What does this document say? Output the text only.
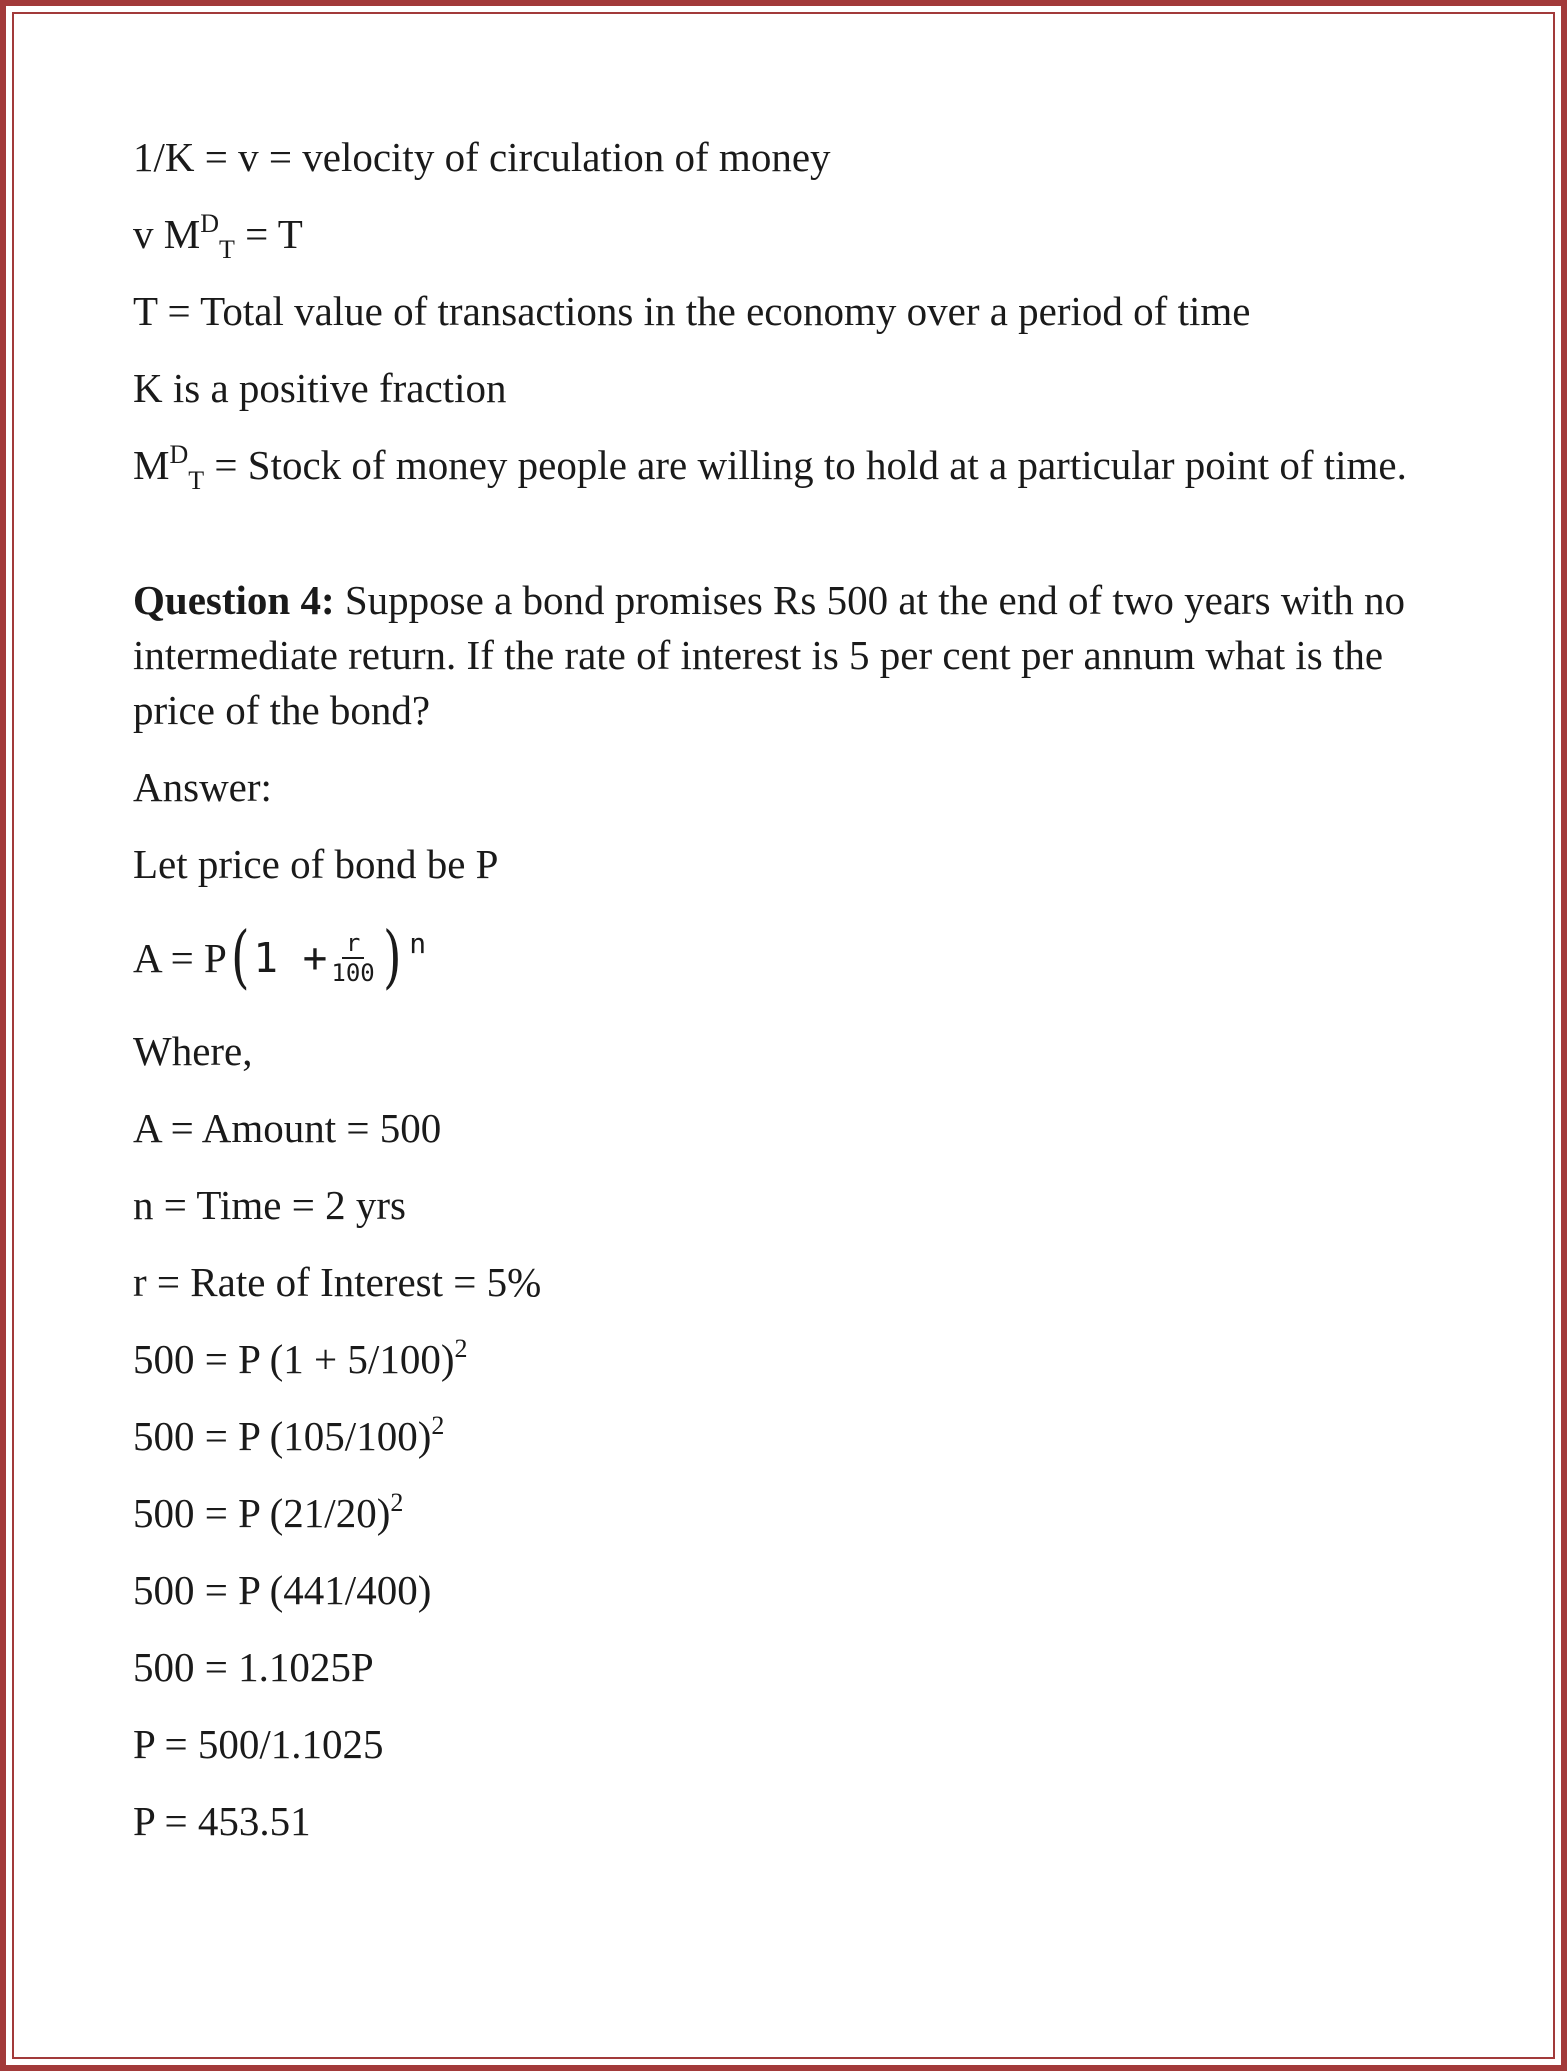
1/K = v = velocity of circulation of money
v $M^D_T = T$
T = Total value of transactions in the economy over a period of time
K is a positive fraction
$M^D_T$ = Stock of money people are willing to hold at a particular point of time.
Question 4: Suppose a bond promises Rs 500 at the end of two years with no intermediate return. If the rate of interest is 5 per cent per annum what is the price of the bond?
Answer:
Let price of bond be P
A = P ( $1 + \frac{r}{100}$ ) n
Where,
A = Amount = 500
n = Time = 2 yrs
r = Rate of Interest = 5%
500 = P $(1 + 5/100)^2$
500 = P $(105/100)^2$
500 = P $(21/20)^2$
500 = P (441/400)
500 = 1.1025P
P = 500/1.1025
P = 453.51
